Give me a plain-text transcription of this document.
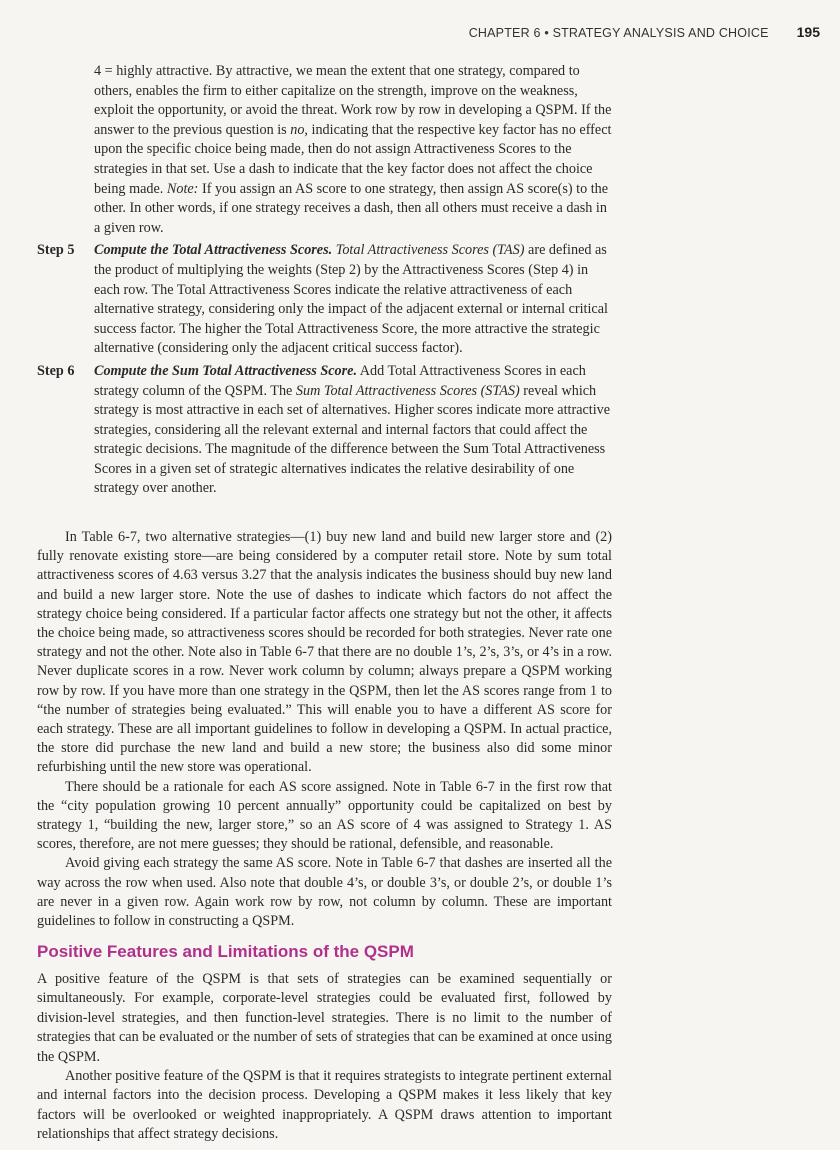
CHAPTER 6 • STRATEGY ANALYSIS AND CHOICE 195

4 = highly attractive. By attractive, we mean the extent that one strategy, compared to others, enables the firm to either capitalize on the strength, improve on the weakness, exploit the opportunity, or avoid the threat. Work row by row in developing a QSPM. If the answer to the previous question is no, indicating that the respective key factor has no effect upon the specific choice being made, then do not assign Attractiveness Scores to the strategies in that set. Use a dash to indicate that the key factor does not affect the choice being made. Note: If you assign an AS score to one strategy, then assign AS score(s) to the other. In other words, if one strategy receives a dash, then all others must receive a dash in a given row.

Step 5	Compute the Total Attractiveness Scores. Total Attractiveness Scores (TAS) are defined as the product of multiplying the weights (Step 2) by the Attractiveness Scores (Step 4) in each row. The Total Attractiveness Scores indicate the relative attractiveness of each alternative strategy, considering only the impact of the adjacent external or internal critical success factor. The higher the Total Attractiveness Score, the more attractive the strategic alternative (considering only the adjacent critical success factor).
Step 6	Compute the Sum Total Attractiveness Score. Add Total Attractiveness Scores in each strategy column of the QSPM. The Sum Total Attractiveness Scores (STAS) reveal which strategy is most attractive in each set of alternatives. Higher scores indicate more attractive strategies, considering all the relevant external and internal factors that could affect the strategic decisions. The magnitude of the difference between the Sum Total Attractiveness Scores in a given set of strategic alternatives indicates the relative desirability of one strategy over another.

In Table 6-7, two alternative strategies—(1) buy new land and build new larger store and (2) fully renovate existing store—are being considered by a computer retail store. Note by sum total attractiveness scores of 4.63 versus 3.27 that the analysis indicates the business should buy new land and build a new larger store. Note the use of dashes to indicate which factors do not affect the strategy choice being considered. If a particular factor affects one strategy but not the other, it affects the choice being made, so attractiveness scores should be recorded for both strategies. Never rate one strategy and not the other. Note also in Table 6-7 that there are no double 1’s, 2’s, 3’s, or 4’s in a row. Never duplicate scores in a row. Never work column by column; always prepare a QSPM working row by row. If you have more than one strategy in the QSPM, then let the AS scores range from 1 to “the number of strategies being evaluated.” This will enable you to have a different AS score for each strategy. These are all important guidelines to follow in developing a QSPM. In actual practice, the store did purchase the new land and build a new store; the business also did some minor refurbishing until the new store was operational.

There should be a rationale for each AS score assigned. Note in Table 6-7 in the first row that the “city population growing 10 percent annually” opportunity could be capitalized on best by strategy 1, “building the new, larger store,” so an AS score of 4 was assigned to Strategy 1. AS scores, therefore, are not mere guesses; they should be rational, defensible, and reasonable.

Avoid giving each strategy the same AS score. Note in Table 6-7 that dashes are inserted all the way across the row when used. Also note that double 4’s, or double 3’s, or double 2’s, or double 1’s are never in a given row. Again work row by row, not column by column. These are important guidelines to follow in constructing a QSPM.

Positive Features and Limitations of the QSPM

A positive feature of the QSPM is that sets of strategies can be examined sequentially or simultaneously. For example, corporate-level strategies could be evaluated first, followed by division-level strategies, and then function-level strategies. There is no limit to the number of strategies that can be evaluated or the number of sets of strategies that can be examined at once using the QSPM.

Another positive feature of the QSPM is that it requires strategists to integrate pertinent external and internal factors into the decision process. Developing a QSPM makes it less likely that key factors will be overlooked or weighted inappropriately. A QSPM draws attention to important relationships that affect strategy decisions.
